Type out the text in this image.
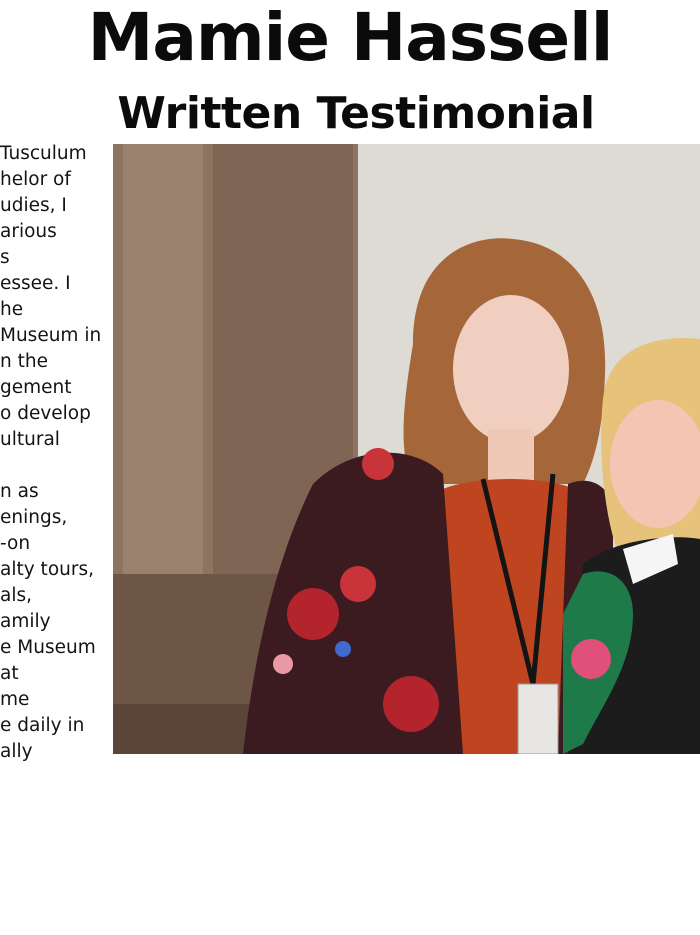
Mamie Hassell
Written Testimonial
Tusculum
helor of
udies, I
arious
s
essee. I
he
Museum in
n the
gement
o develop
ultural
n as
enings,
-on
alty tours,
als,
amily
e Museum
at
me
e daily in
ally
